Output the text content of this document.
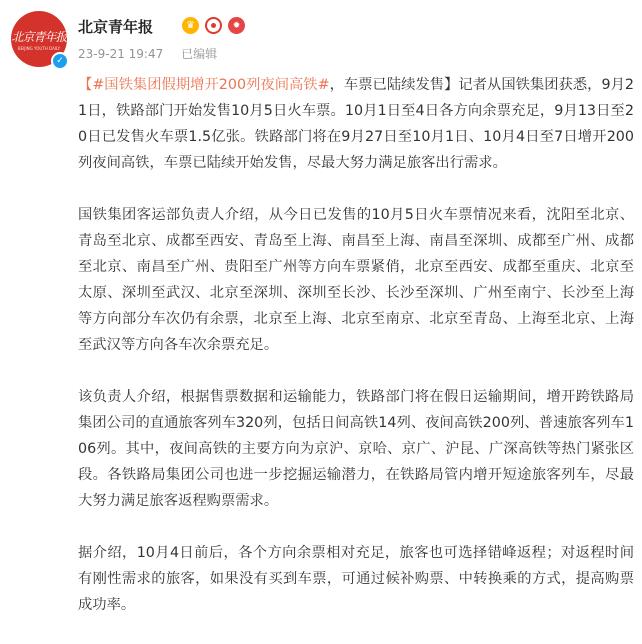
北京青年报
BEIJING YOUTH DAILY
✓
北京青年报	♛	✹
23-9-21 19:47 已编辑

【#国铁集团假期增开200列夜间高铁#，车票已陆续发售】记者从国铁集团获悉，9月21日，铁路部门开始发售10月5日火车票。10月1日至4日各方向余票充足，9月13日至20日已发售火车票1.5亿张。铁路部门将在9月27日至10月1日、10月4日至7日增开200列夜间高铁，车票已陆续开始发售，尽最大努力满足旅客出行需求。

国铁集团客运部负责人介绍，从今日已发售的10月5日火车票情况来看，沈阳至北京、青岛至北京、成都至西安、青岛至上海、南昌至上海、南昌至深圳、成都至广州、成都至北京、南昌至广州、贵阳至广州等方向车票紧俏，北京至西安、成都至重庆、北京至太原、深圳至武汉、北京至深圳、深圳至长沙、长沙至深圳、广州至南宁、长沙至上海等方向部分车次仍有余票，北京至上海、北京至南京、北京至青岛、上海至北京、上海至武汉等方向各车次余票充足。

该负责人介绍，根据售票数据和运输能力，铁路部门将在假日运输期间，增开跨铁路局集团公司的直通旅客列车320列，包括日间高铁14列、夜间高铁200列、普速旅客列车106列。其中，夜间高铁的主要方向为京沪、京哈、京广、沪昆、广深高铁等热门紧张区段。各铁路局集团公司也进一步挖掘运输潜力，在铁路局管内增开短途旅客列车，尽最大努力满足旅客返程购票需求。

据介绍，10月4日前后，各个方向余票相对充足，旅客也可选择错峰返程；对返程时间有刚性需求的旅客，如果没有买到车票，可通过候补购票、中转换乘的方式，提高购票成功率。
